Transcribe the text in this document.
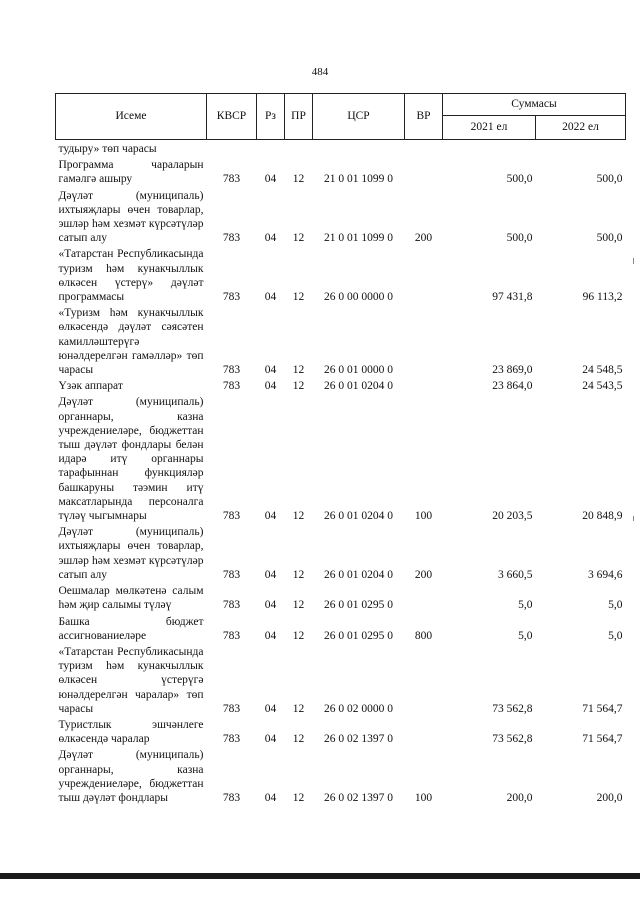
484
Исеме	КВСР	Рз	ПР	ЦСР	ВР	Суммасы	
						2021 ел	2022 ел
тудыру» төп чарасы							
Программа чараларын гамәлгә ашыру	783	04	12	21 0 01 1099 0		500,0	500,0
Дәүләт (муниципаль) ихтыяҗлары өчен товарлар, эшләр һәм хезмәт күрсәтүләр сатып алу	783	04	12	21 0 01 1099 0	200	500,0	500,0
«Татарстан Республикасында туризм һәм кунакчыллык өлкәсен үстерү» дәүләт программасы	783	04	12	26 0 00 0000 0		97 431,8	96 113,2
«Туризм һәм кунакчыллык өлкәсендә дәүләт сәясәтен камилләштерүгә юнәлдерелгән гамәлләр» төп чарасы	783	04	12	26 0 01 0000 0		23 869,0	24 548,5
Үзәк аппарат	783	04	12	26 0 01 0204 0		23 864,0	24 543,5
Дәүләт (муниципаль) органнары, казна учреждениеләре, бюджеттан тыш дәүләт фондлары белән идарә итү органнары тарафыннан функцияләр башкаруны тәэмин итү максатларында персоналга түләү чыгымнары	783	04	12	26 0 01 0204 0	100	20 203,5	20 848,9
Дәүләт (муниципаль) ихтыяҗлары өчен товарлар, эшләр һәм хезмәт күрсәтүләр сатып алу	783	04	12	26 0 01 0204 0	200	3 660,5	3 694,6
Оешмалар мөлкәтенә салым һәм җир салымы түләү	783	04	12	26 0 01 0295 0		5,0	5,0
Башка бюджет ассигнованиеләре	783	04	12	26 0 01 0295 0	800	5,0	5,0
«Татарстан Республикасында туризм һәм кунакчыллык өлкәсен үстерүгә юнәлдерелгән чаралар» төп чарасы	783	04	12	26 0 02 0000 0		73 562,8	71 564,7
Туристлык эшчәнлеге өлкәсендә чаралар	783	04	12	26 0 02 1397 0		73 562,8	71 564,7
Дәүләт (муниципаль) органнары, казна учреждениеләре, бюджеттан тыш дәүләт фондлары	783	04	12	26 0 02 1397 0	100	200,0	200,0
